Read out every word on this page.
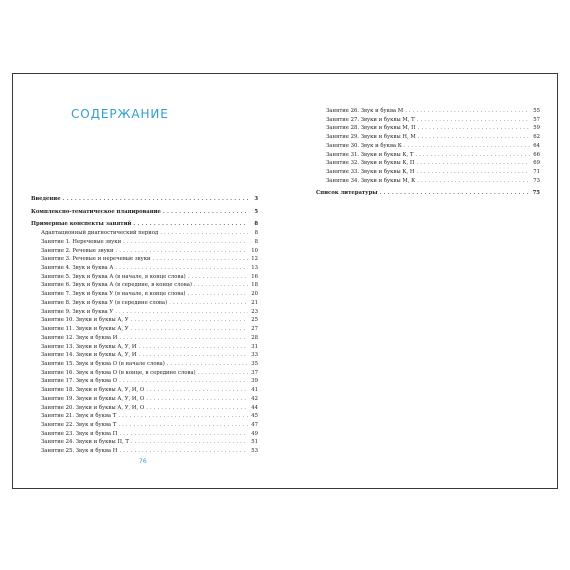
СОДЕРЖАНИЕ
Введение . . .	3
Комплексно-тематическое планирование . . .	5
Примерные конспекты занятий . . .	8
Адаптационный диагностический период . . .	8
Занятие 1. Неречевые звуки . . .	8
Занятие 2. Речевые звуки . . .	10
Занятие 3. Речевые и неречевые звуки . . .	12
Занятие 4. Звук и буква А . . .	13
Занятие 5. Звук и буква А (в начале, в конце слова) . . .	16
Занятие 6. Звук и буква А (в середине, в конце слова) . . .	18
Занятие 7. Звук и буква У (в начале, в конце слова) . . .	20
Занятие 8. Звук и буква У (в середине слова) . . .	21
Занятие 9. Звук и буква У . . .	23
Занятие 10. Звуки и буквы А, У . . .	25
Занятие 11. Звуки и буквы А, У . . .	27
Занятие 12. Звук и буква И . . .	28
Занятие 13. Звуки и буквы А, У, И . . .	31
Занятие 14. Звуки и буквы А, У, И . . .	33
Занятие 15. Звук и буква О (в начале слова) . . .	35
Занятие 16. Звук и буква О (в конце, в середине слова) . . .	37
Занятие 17. Звук и буква О . . .	39
Занятие 18. Звуки и буквы А, У, И, О . . .	41
Занятие 19. Звуки и буквы А, У, И, О . . .	42
Занятие 20. Звуки и буквы А, У, И, О . . .	44
Занятие 21. Звук и буква Т . . .	45
Занятие 22. Звук и буква Т . . .	47
Занятие 23. Звук и буква П . . .	49
Занятие 24. Звуки и буквы П, Т . . .	51
Занятие 25. Звук и буква Н . . .	53
76
Занятие 26. Звук и буква М . . .	55
Занятие 27. Звуки и буквы М, Т . . .	57
Занятие 28. Звуки и буквы М, П . . .	59
Занятие 29. Звуки и буквы Н, М . . .	62
Занятие 30. Звук и буква К . . .	64
Занятие 31. Звуки и буквы К, Т . . .	66
Занятие 32. Звуки и буквы К, П . . .	69
Занятие 33. Звуки и буквы К, Н . . .	71
Занятие 34. Звуки и буквы М, К . . .	73
Список литературы . . .	75
